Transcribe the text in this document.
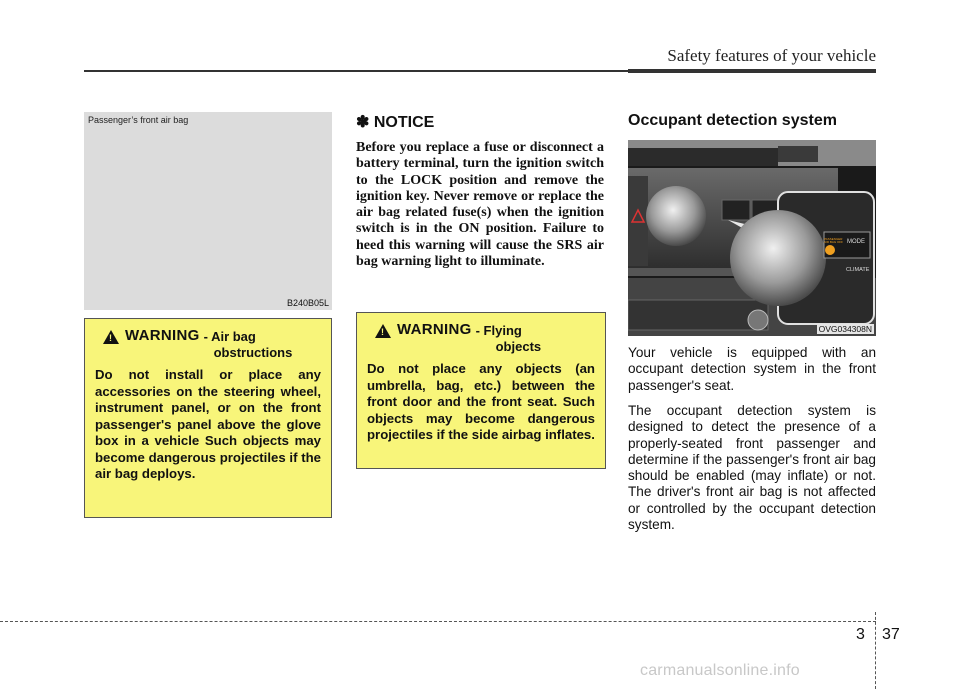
Safety features of your vehicle
Passenger’s front air bag
B240B05L
! WARNING - Air bag
obstructions
Do not install or place any accessories on the steering wheel, instrument panel, or on the front passenger's panel above the glove box in a vehicle Such objects may become dangerous projectiles if the air bag deploys.
✽ NOTICE
Before you replace a fuse or disconnect a battery terminal, turn the ignition switch to the LOCK position and remove the ignition key. Never remove or replace the air bag related fuse(s) when the ignition switch is in the ON position. Failure to heed this warning will cause the SRS air bag warning light to illuminate.
! WARNING - Flying
objects
Do not place any objects (an umbrella, bag, etc.) between the front door and the front seat. Such objects may become dangerous projectiles if the side airbag inflates.
Occupant detection system
MODE
CLIMATE
PASSENGER AIR BAG OFF
OVG034308N
Your vehicle is equipped with an occupant detection system in the front passenger's seat.
The occupant detection system is designed to detect the presence of a properly-seated front passenger and determine if the passenger's front air bag should be enabled (may inflate) or not. The driver's front air bag is not affected or controlled by the occupant detection system.
3 37
carmanualsonline.info
